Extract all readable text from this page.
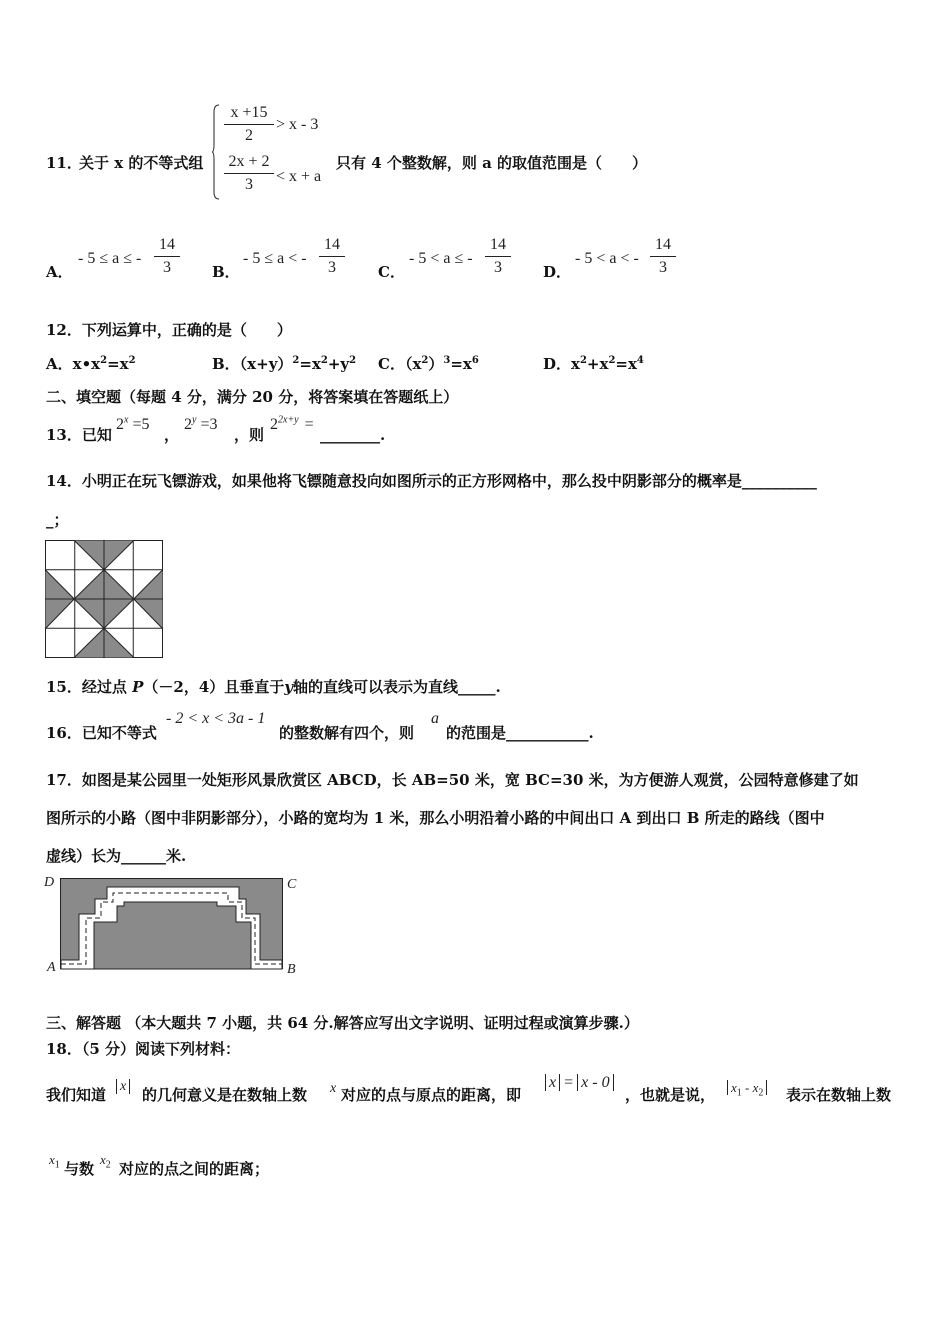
11．
关于 x 的不等式组
x +15
2
> x - 3
2x + 2
3	< x + a
只有 4 个整数解，则 a 的取值范围是（　　）
A．
- 5 ≤ a ≤ -
14
3	B．
- 5 ≤ a < -
14
3	C．
- 5 < a ≤ -
14
3	D．
- 5 < a < -
14
3
12．下列运算中，正确的是（　　）
A．$x•x^2=x^2$	B．$(x+y)^2=x^2+y^2$ C．$(x^2)^3=x^6$	D．$x^2+x^2=x^4$
二、填空题（每题 4 分，满分 20 分，将答案填在答题纸上）
13．已知
$2^x =5$
，
$2^y =3$
，则
$2^{2x+y}$ =
________.
14．小明正在玩飞镖游戏，如果他将飞镖随意投向如图所示的正方形网格中，那么投中阴影部分的概率是__________
_；
15．经过点 P（－2，4）且垂直于y轴的直线可以表示为直线_____.
16．已知不等式
- 2 < x < 3a - 1
的整数解有四个，则
a
的范围是___________.
17．如图是某公园里一处矩形风景欣赏区 ABCD，长 AB=50 米，宽 BC=30 米，为方便游人观赏，公园特意修建了如
图所示的小路（图中非阴影部分），小路的宽均为 1 米，那么小明沿着小路的中间出口 A 到出口 B 所走的路线（图中
虚线）长为______米.
D	C
A	B
三、解答题 （本大题共 7 小题，共 64 分.解答应写出文字说明、证明过程或演算步骤.）
18．（5 分）阅读下列材料：
我们知道 x 的几何意义是在数轴上数 x 对应的点与原点的距离，即
x = x - 0
，也就是说，	$x_1 - x_2$ 表示在数轴上数
$x_1$ 与数
$x_2$ 对应的点之间的距离；
